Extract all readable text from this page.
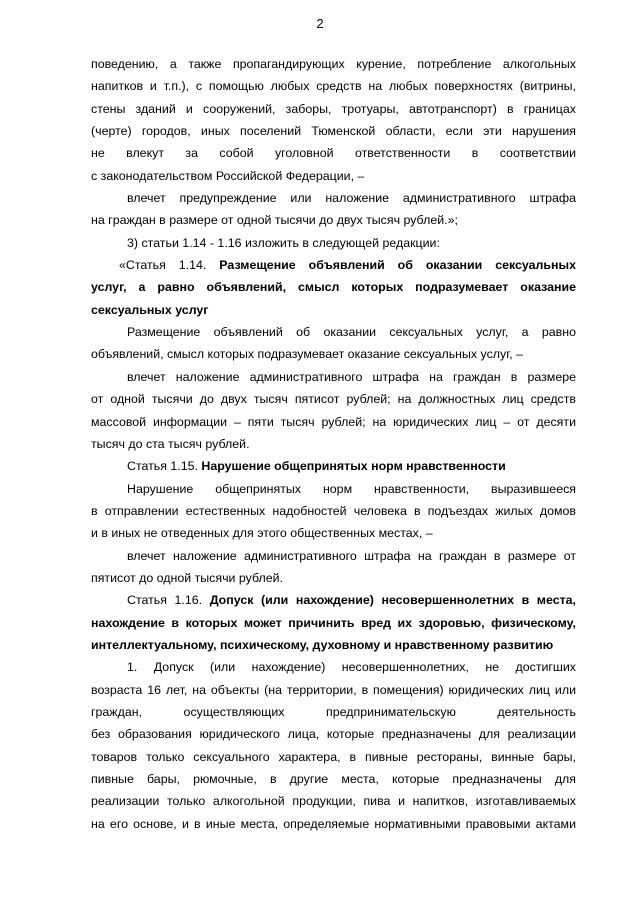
2
поведению, а также пропагандирующих курение, потребление алкогольных
напитков и т.п.), с помощью любых средств на любых поверхностях (витрины,
стены зданий и сооружений, заборы, тротуары, автотранспорт) в границах
(черте) городов, иных поселений Тюменской области, если эти нарушения
не влекут за собой уголовной ответственности в соответствии
с законодательством Российской Федерации, –
влечет предупреждение или наложение административного штрафа
на граждан в размере от одной тысячи до двух тысяч рублей.»;
3) статьи 1.14 - 1.16 изложить в следующей редакции:
«Статья 1.14. Размещение объявлений об оказании сексуальных
услуг, а равно объявлений, смысл которых подразумевает оказание
сексуальных услуг
Размещение объявлений об оказании сексуальных услуг, а равно
объявлений, смысл которых подразумевает оказание сексуальных услуг, –
влечет наложение административного штрафа на граждан в размере
от одной тысячи до двух тысяч пятисот рублей; на должностных лиц средств
массовой информации – пяти тысяч рублей; на юридических лиц – от десяти
тысяч до ста тысяч рублей.
Статья 1.15. Нарушение общепринятых норм нравственности
Нарушение общепринятых норм нравственности, выразившееся
в отправлении естественных надобностей человека в подъездах жилых домов
и в иных не отведенных для этого общественных местах, –
влечет наложение административного штрафа на граждан в размере от
пятисот до одной тысячи рублей.
Статья 1.16. Допуск (или нахождение) несовершеннолетних в места,
нахождение в которых может причинить вред их здоровью, физическому,
интеллектуальному, психическому, духовному и нравственному развитию
1. Допуск (или нахождение) несовершеннолетних, не достигших
возраста 16 лет, на объекты (на территории, в помещения) юридических лиц или
граждан, осуществляющих предпринимательскую деятельность
без образования юридического лица, которые предназначены для реализации
товаров только сексуального характера, в пивные рестораны, винные бары,
пивные бары, рюмочные, в другие места, которые предназначены для
реализации только алкогольной продукции, пива и напитков, изготавливаемых
на его основе, и в иные места, определяемые нормативными правовыми актами
